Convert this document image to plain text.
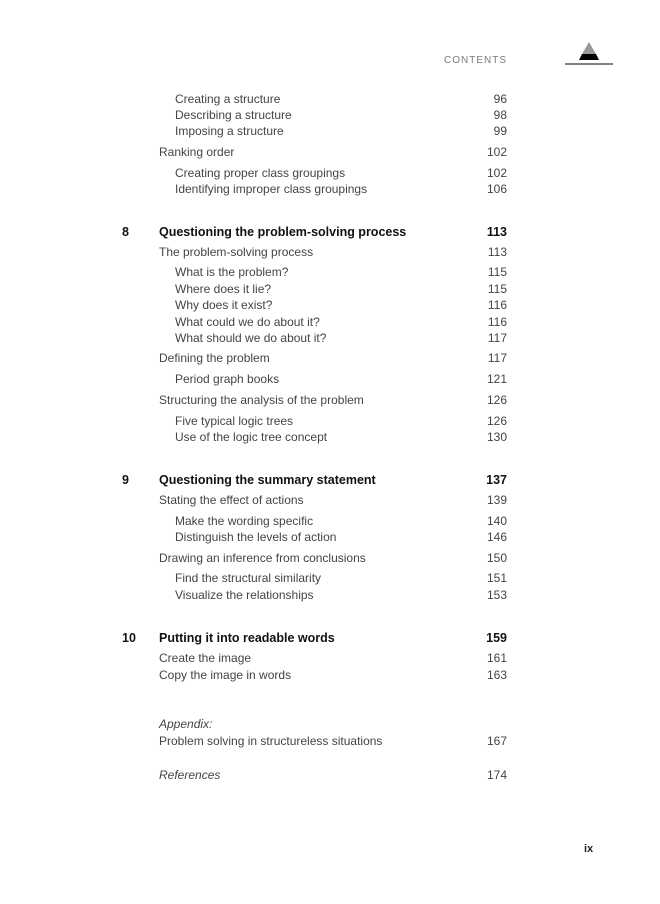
CONTENTS
Creating a structure	96
Describing a structure	98
Imposing a structure	99
Ranking order	102
Creating proper class groupings	102
Identifying improper class groupings	106
8 Questioning the problem-solving process	113
The problem-solving process	113
What is the problem?	115
Where does it lie?	115
Why does it exist?	116
What could we do about it?	116
What should we do about it?	117
Defining the problem	117
Period graph books	121
Structuring the analysis of the problem	126
Five typical logic trees	126
Use of the logic tree concept	130
9 Questioning the summary statement	137
Stating the effect of actions	139
Make the wording specific	140
Distinguish the levels of action	146
Drawing an inference from conclusions	150
Find the structural similarity	151
Visualize the relationships	153
10 Putting it into readable words	159
Create the image	161
Copy the image in words	163
Appendix:
Problem solving in structureless situations	167
References	174
ix
